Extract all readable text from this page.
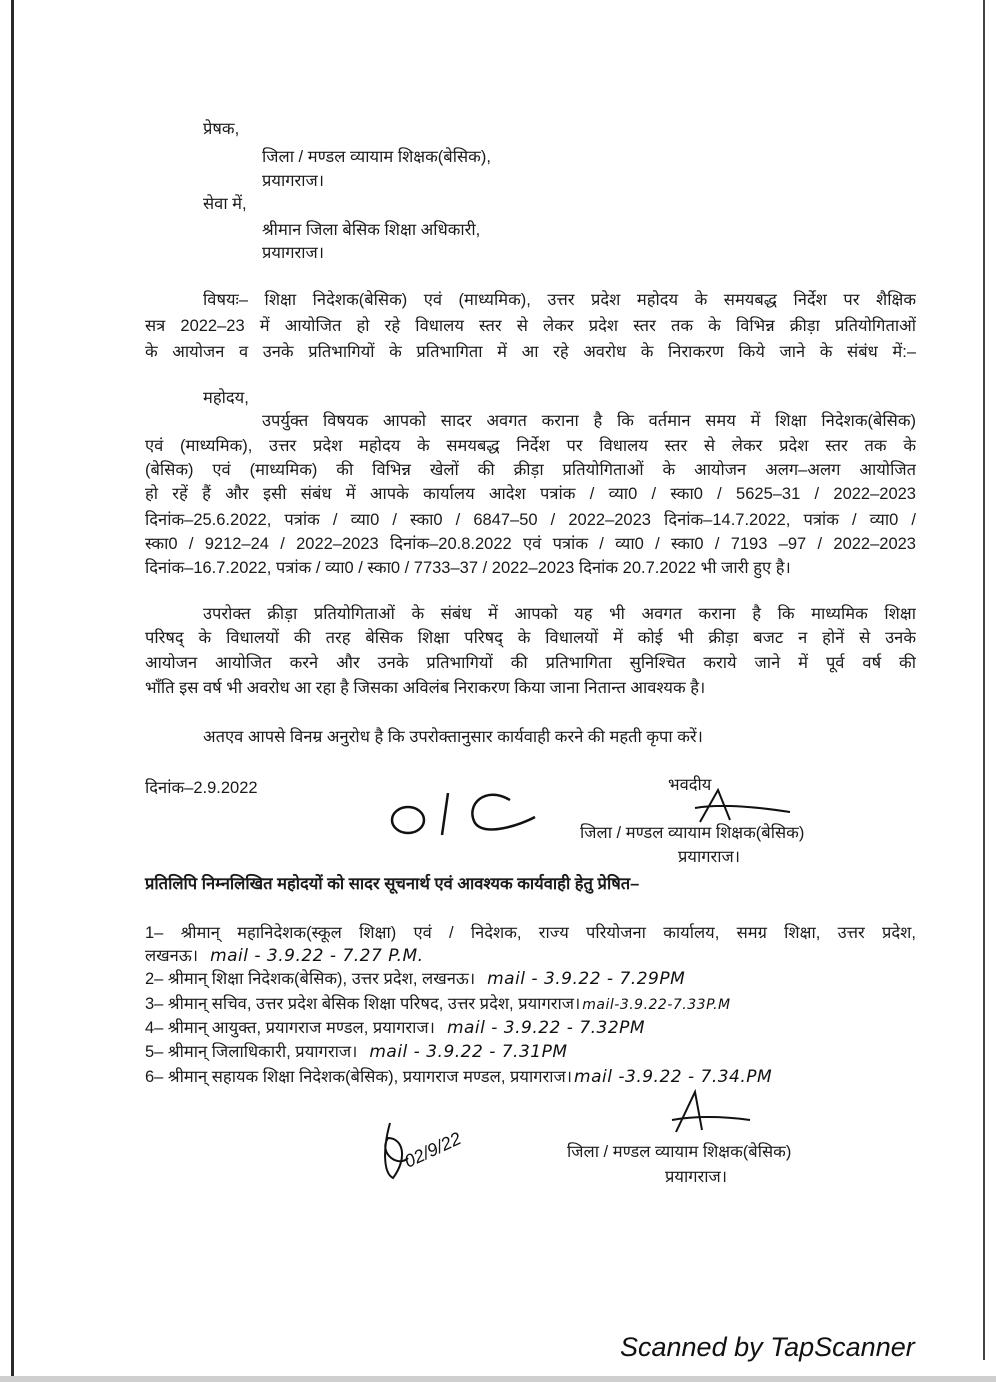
प्रेषक,
जिला / मण्डल व्यायाम शिक्षक(बेसिक),
प्रयागराज।
सेवा में,
श्रीमान जिला बेसिक शिक्षा अधिकारी,
प्रयागराज।
विषयः– शिक्षा निदेशक(बेसिक) एवं (माध्यमिक), उत्तर प्रदेश महोदय के समयबद्ध निर्देश पर शैक्षिक
सत्र 2022–23 में आयोजित हो रहे विधालय स्तर से लेकर प्रदेश स्तर तक के विभिन्न क्रीड़ा प्रतियोगिताओं
के आयोजन व उनके प्रतिभागियों के प्रतिभागिता में आ रहे अवरोध के निराकरण किये जाने के संबंध में:–
महोदय,
उपर्युक्त विषयक आपको सादर अवगत कराना है कि वर्तमान समय में शिक्षा निदेशक(बेसिक)
एवं (माध्यमिक), उत्तर प्रदेश महोदय के समयबद्ध निर्देश पर विधालय स्तर से लेकर प्रदेश स्तर तक के
(बेसिक) एवं (माध्यमिक) की विभिन्न खेलों की क्रीड़ा प्रतियोगिताओं के आयोजन अलग–अलग आयोजित
हो रहें हैं और इसी संबंध में आपके कार्यालय आदेश पत्रांक / व्या0 / स्का0 / 5625–31 / 2022–2023
दिनांक–25.6.2022, पत्रांक / व्या0 / स्का0 / 6847–50 / 2022–2023 दिनांक–14.7.2022, पत्रांक / व्या0 /
स्का0 / 9212–24 / 2022–2023 दिनांक–20.8.2022 एवं पत्रांक / व्या0 / स्का0 / 7193 –97 / 2022–2023
दिनांक–16.7.2022, पत्रांक / व्या0 / स्का0 / 7733–37 / 2022–2023 दिनांक 20.7.2022 भी जारी हुए है।
उपरोक्त क्रीड़ा प्रतियोगिताओं के संबंध में आपको यह भी अवगत कराना है कि माध्यमिक शिक्षा
परिषद् के विधालयों की तरह बेसिक शिक्षा परिषद् के विधालयों में कोई भी क्रीड़ा बजट न होनें से उनके
आयोजन आयोजित करने और उनके प्रतिभागियों की प्रतिभागिता सुनिश्चित कराये जाने में पूर्व वर्ष की
भाँति इस वर्ष भी अवरोध आ रहा है जिसका अविलंब निराकरण किया जाना नितान्त आवश्यक है।
अतएव आपसे विनम्र अनुरोध है कि उपरोक्तानुसार कार्यवाही करने की महती कृपा करें।
दिनांक–2.9.2022	भवदीय
जिला / मण्डल व्यायाम शिक्षक(बेसिक)
प्रयागराज।
प्रतिलिपि निम्नलिखित महोदयों को सादर सूचनार्थ एवं आवश्यक कार्यवाही हेतु प्रेषित–
1– श्रीमान् महानिदेशक(स्कूल शिक्षा) एवं / निदेशक, राज्य परियोजना कार्यालय, समग्र शिक्षा, उत्तर प्रदेश,
लखनऊ। mail - 3.9.22 - 7.27 P.M.
2– श्रीमान् शिक्षा निदेशक(बेसिक), उत्तर प्रदेश, लखनऊ। mail - 3.9.22 - 7.29PM
3– श्रीमान् सचिव, उत्तर प्रदेश बेसिक शिक्षा परिषद, उत्तर प्रदेश, प्रयागराज। mail-3.9.22-7.33P.M
4– श्रीमान् आयुक्त, प्रयागराज मण्डल, प्रयागराज। mail - 3.9.22 - 7.32PM
5– श्रीमान् जिलाधिकारी, प्रयागराज। mail - 3.9.22 - 7.31PM
6– श्रीमान् सहायक शिक्षा निदेशक(बेसिक), प्रयागराज मण्डल, प्रयागराज। mail -3.9.22 - 7.34.PM
02/9/22	जिला / मण्डल व्यायाम शिक्षक(बेसिक)
प्रयागराज।
Scanned by TapScanner
